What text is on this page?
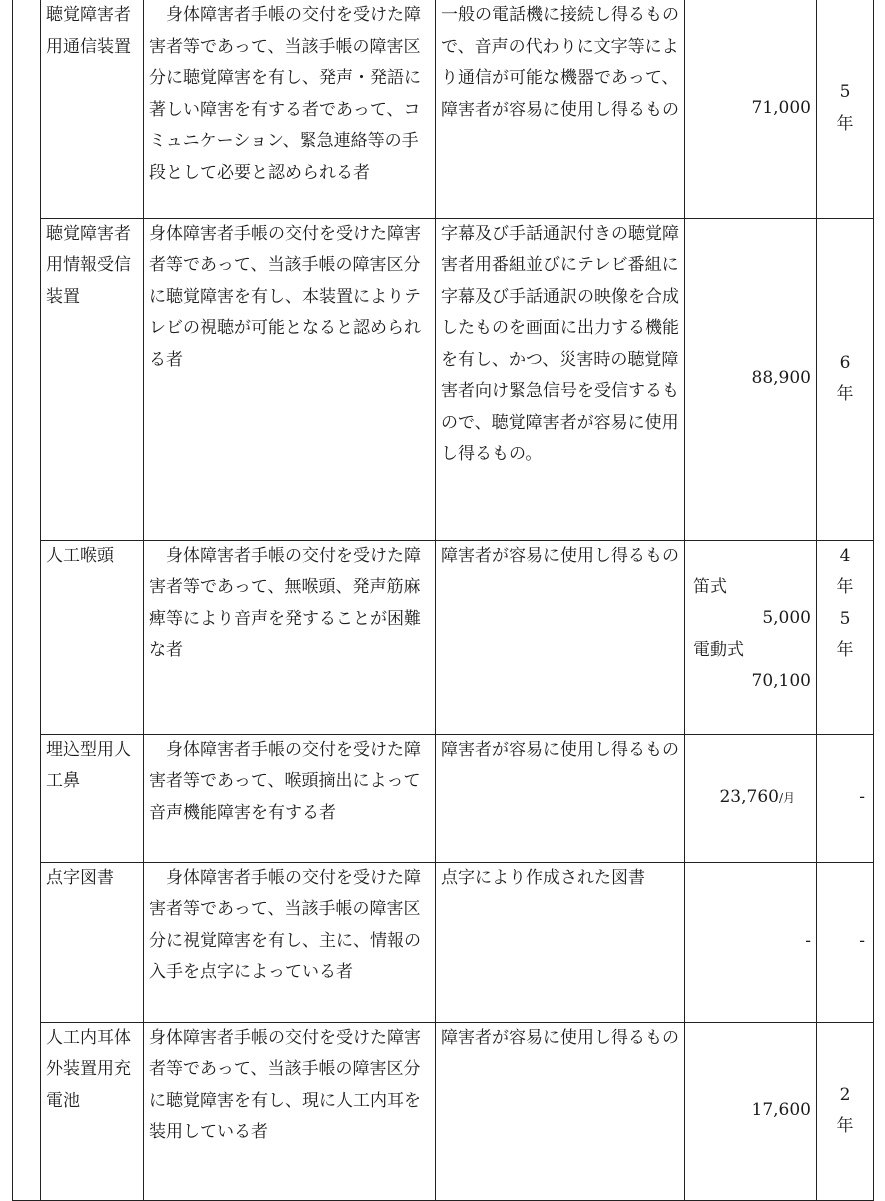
	聴覚障害者用通信装置	身体障害者手帳の交付を受けた障害者等であって、当該手帳の障害区分に聴覚障害を有し、発声・発語に著しい障害を有する者であって、コミュニケーション、緊急連絡等の手段として必要と認められる者	一般の電話機に接続し得るもので、音声の代わりに文字等により通信が可能な機器であって、障害者が容易に使用し得るもの	71,000	5
年

	聴覚障害者用情報受信装置	身体障害者手帳の交付を受けた障害者等であって、当該手帳の障害区分に聴覚障害を有し、本装置によりテレビの視聴が可能となると認められる者	字幕及び手話通訳付きの聴覚障害者用番組並びにテレビ番組に字幕及び手話通訳の映像を合成したものを画面に出力する機能を有し、かつ、災害時の聴覚障害者向け緊急信号を受信するもので、聴覚障害者が容易に使用し得るもの。	88,900	6
年

	人工喉頭	身体障害者手帳の交付を受けた障害者等であって、無喉頭、発声筋麻痺等により音声を発することが困難な者	障害者が容易に使用し得るもの	笛式
5,000
電動式
70,100	4
年
5
年

	埋込型用人工鼻	身体障害者手帳の交付を受けた障害者等であって、喉頭摘出によって音声機能障害を有する者	障害者が容易に使用し得るもの	23,760/月	-
	点字図書	身体障害者手帳の交付を受けた障害者等であって、当該手帳の障害区分に視覚障害を有し、主に、情報の入手を点字によっている者	点字により作成された図書	-	-
	人工内耳体外装置用充電池	身体障害者手帳の交付を受けた障害者等であって、当該手帳の障害区分に聴覚障害を有し、現に人工内耳を装用している者	障害者が容易に使用し得るもの	17,600	2
年
